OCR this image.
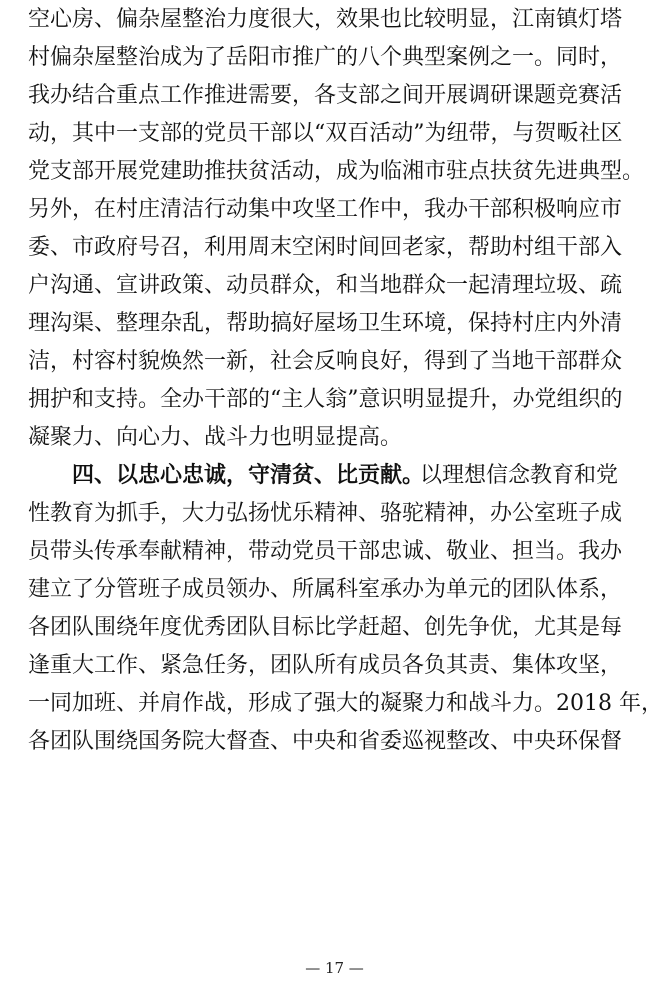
空心房、偏杂屋整治力度很大，效果也比较明显，江南镇灯塔
村偏杂屋整治成为了岳阳市推广的八个典型案例之一。同时，
我办结合重点工作推进需要，各支部之间开展调研课题竞赛活
动，其中一支部的党员干部以“双百活动”为纽带，与贺畈社区
党支部开展党建助推扶贫活动，成为临湘市驻点扶贫先进典型。
另外，在村庄清洁行动集中攻坚工作中，我办干部积极响应市
委、市政府号召，利用周末空闲时间回老家，帮助村组干部入
户沟通、宣讲政策、动员群众，和当地群众一起清理垃圾、疏
理沟渠、整理杂乱，帮助搞好屋场卫生环境，保持村庄内外清
洁，村容村貌焕然一新，社会反响良好，得到了当地干部群众
拥护和支持。全办干部的“主人翁”意识明显提升，办党组织的
凝聚力、向心力、战斗力也明显提高。
四、以忠心忠诚，守清贫、比贡献。
以理想信念教育和党
性教育为抓手，大力弘扬忧乐精神、骆驼精神，办公室班子成
员带头传承奉献精神，带动党员干部忠诚、敬业、担当。我办
建立了分管班子成员领办、所属科室承办为单元的团队体系，
各团队围绕年度优秀团队目标比学赶超、创先争优，尤其是每
逢重大工作、紧急任务，团队所有成员各负其责、集体攻坚，
一同加班、并肩作战，形成了强大的凝聚力和战斗力。2018 年，
各团队围绕国务院大督查、中央和省委巡视整改、中央环保督
— 17 —
